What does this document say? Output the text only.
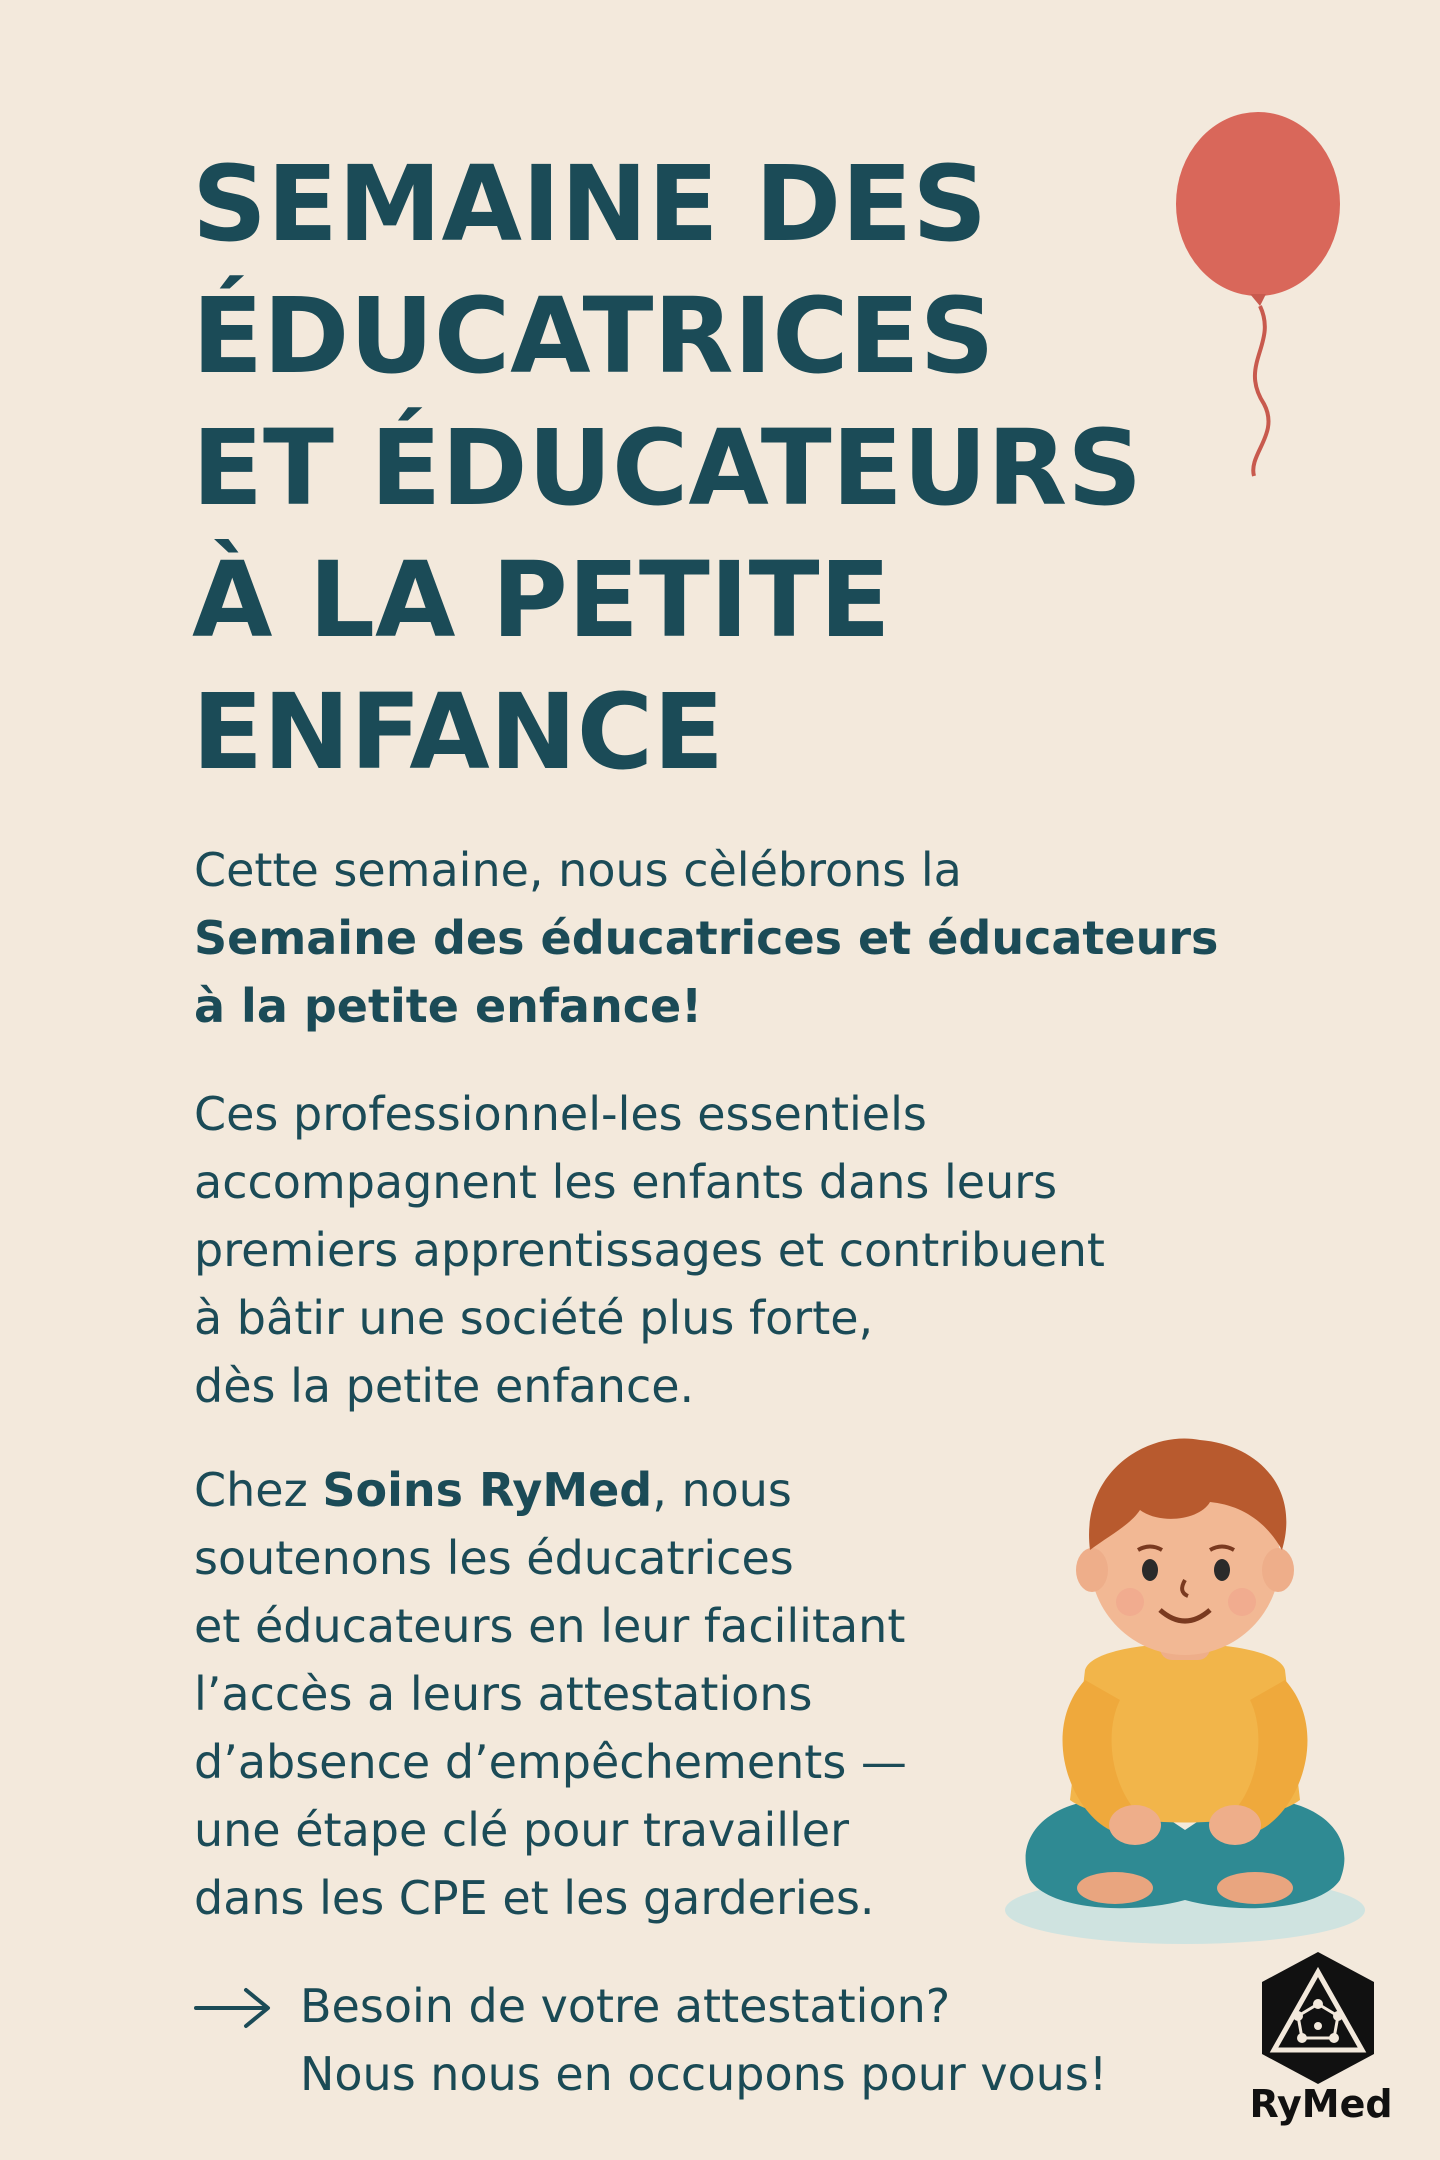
SEMAINE DES
ÉDUCATRICES
ET ÉDUCATEURS
À LA PETITE
ENFANCE
Cette semaine, nous cèlébrons la
Semaine des éducatrices et éducateurs
à la petite enfance!
Ces professionnel-les essentiels
accompagnent les enfants dans leurs
premiers apprentissages et contribuent
à bâtir une société plus forte,
dès la petite enfance.
Chez Soins RyMed, nous
soutenons les éducatrices
et éducateurs en leur facilitant
l’accès a leurs attestations
d’absence d’empêchements —
une étape clé pour travailler
dans les CPE et les garderies.
Besoin de votre attestation?
Nous nous en occupons pour vous!
RyMed
